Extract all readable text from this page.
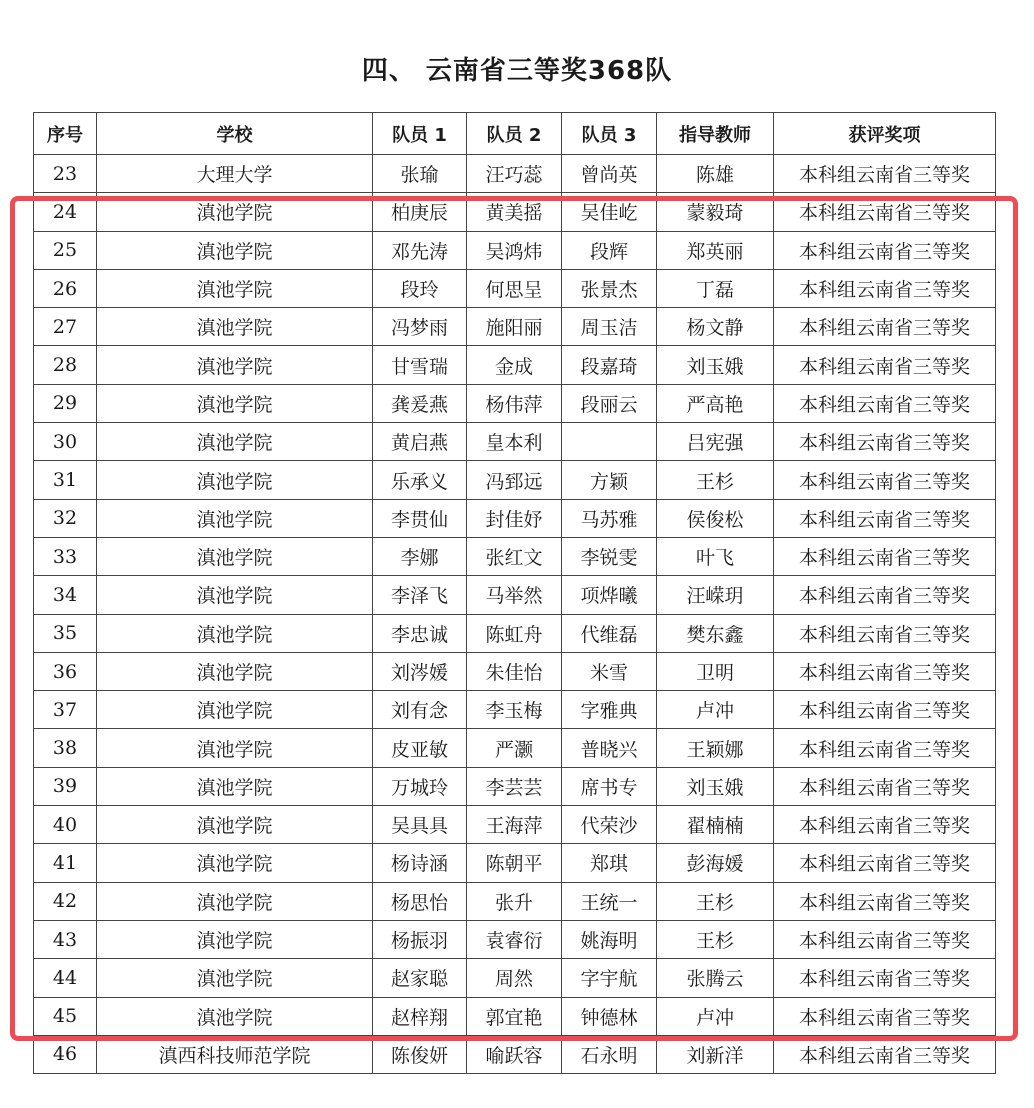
四、 云南省三等奖368队
序号	学校	队员 1	队员 2	队员 3	指导教师	获评奖项
23	大理大学	张瑜	汪巧蕊	曾尚英	陈雄	本科组云南省三等奖
24	滇池学院	柏庚辰	黄美摇	吴佳屹	蒙毅琦	本科组云南省三等奖
25	滇池学院	邓先涛	吴鸿炜	段辉	郑英丽	本科组云南省三等奖
26	滇池学院	段玲	何思呈	张景杰	丁磊	本科组云南省三等奖
27	滇池学院	冯梦雨	施阳丽	周玉洁	杨文静	本科组云南省三等奖
28	滇池学院	甘雪瑞	金成	段嘉琦	刘玉娥	本科组云南省三等奖
29	滇池学院	龚爰燕	杨伟萍	段丽云	严高艳	本科组云南省三等奖
30	滇池学院	黄启燕	皇本利		吕宪强	本科组云南省三等奖
31	滇池学院	乐承义	冯郅远	方颖	王杉	本科组云南省三等奖
32	滇池学院	李贯仙	封佳妤	马苏雅	侯俊松	本科组云南省三等奖
33	滇池学院	李娜	张红文	李锐雯	叶飞	本科组云南省三等奖
34	滇池学院	李泽飞	马举然	项烨曦	汪嵘玥	本科组云南省三等奖
35	滇池学院	李忠诚	陈虹舟	代维磊	樊东鑫	本科组云南省三等奖
36	滇池学院	刘涔媛	朱佳怡	米雪	卫明	本科组云南省三等奖
37	滇池学院	刘有念	李玉梅	字雅典	卢冲	本科组云南省三等奖
38	滇池学院	皮亚敏	严灏	普晓兴	王颖娜	本科组云南省三等奖
39	滇池学院	万城玲	李芸芸	席书专	刘玉娥	本科组云南省三等奖
40	滇池学院	吴具具	王海萍	代荣沙	翟楠楠	本科组云南省三等奖
41	滇池学院	杨诗涵	陈朝平	郑琪	彭海媛	本科组云南省三等奖
42	滇池学院	杨思怡	张升	王统一	王杉	本科组云南省三等奖
43	滇池学院	杨振羽	袁睿衍	姚海明	王杉	本科组云南省三等奖
44	滇池学院	赵家聪	周然	字宇航	张腾云	本科组云南省三等奖
45	滇池学院	赵梓翔	郭宜艳	钟德林	卢冲	本科组云南省三等奖
46	滇西科技师范学院	陈俊妍	喻跃容	石永明	刘新洋	本科组云南省三等奖
